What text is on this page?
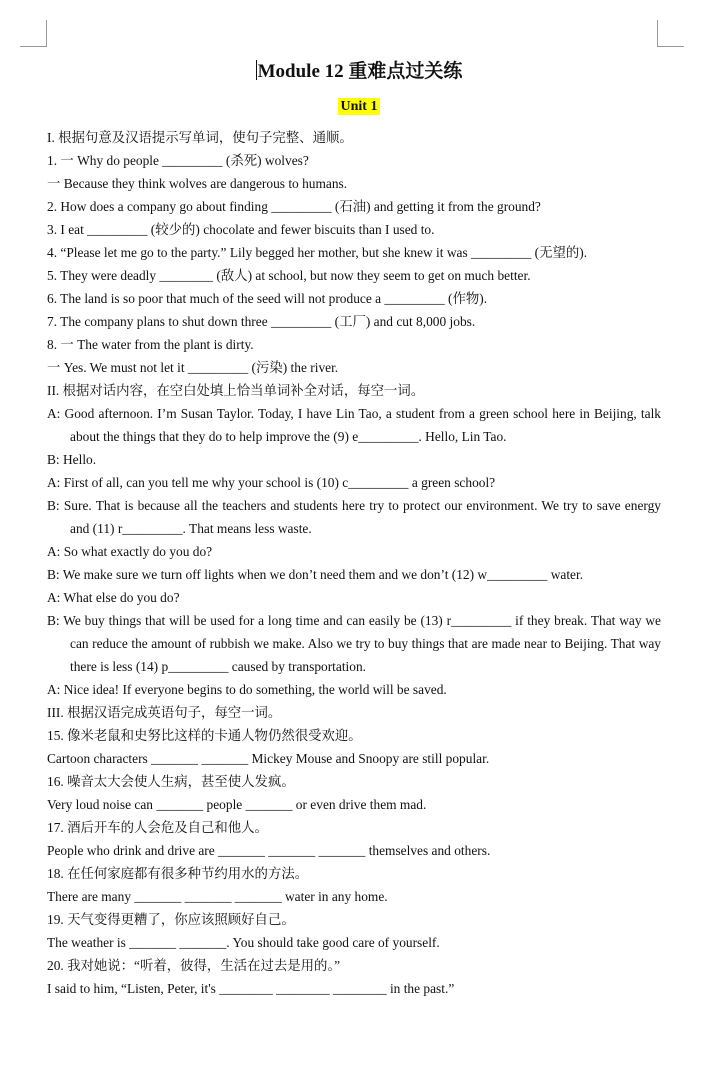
Module 12 重难点过关练
Unit 1
I. 根据句意及汉语提示写单词，使句子完整、通顺。
1. 一 Why do people _________ (杀死) wolves?
一 Because they think wolves are dangerous to humans.
2. How does a company go about finding _________ (石油) and getting it from the ground?
3. I eat _________ (较少的) chocolate and fewer biscuits than I used to.
4. “Please let me go to the party.” Lily begged her mother, but she knew it was _________ (无望的).
5. They were deadly ________ (敌人) at school, but now they seem to get on much better.
6. The land is so poor that much of the seed will not produce a _________ (作物).
7. The company plans to shut down three _________ (工厂) and cut 8,000 jobs.
8. 一 The water from the plant is dirty.
一 Yes. We must not let it _________ (污染) the river.
II. 根据对话内容，在空白处填上恰当单词补全对话，每空一词。
A: Good afternoon. I’m Susan Taylor. Today, I have Lin Tao, a student from a green school here in Beijing, talk about the things that they do to help improve the (9) e_________. Hello, Lin Tao.
B: Hello.
A: First of all, can you tell me why your school is (10) c_________ a green school?
B: Sure. That is because all the teachers and students here try to protect our environment. We try to save energy and (11) r_________. That means less waste.
A: So what exactly do you do?
B: We make sure we turn off lights when we don’t need them and we don’t (12) w_________ water.
A: What else do you do?
B: We buy things that will be used for a long time and can easily be (13) r_________ if they break. That way we can reduce the amount of rubbish we make. Also we try to buy things that are made near to Beijing. That way there is less (14) p_________ caused by transportation.
A: Nice idea! If everyone begins to do something, the world will be saved.
III. 根据汉语完成英语句子，每空一词。
15. 像米老鼠和史努比这样的卡通人物仍然很受欢迎。
Cartoon characters _______ _______ Mickey Mouse and Snoopy are still popular.
16. 噪音太大会使人生病，甚至使人发疯。
Very loud noise can _______ people _______ or even drive them mad.
17. 酒后开车的人会危及自己和他人。
People who drink and drive are _______ _______ _______ themselves and others.
18. 在任何家庭都有很多种节约用水的方法。
There are many _______ _______ _______ water in any home.
19. 天气变得更糟了，你应该照顾好自己。
The weather is _______ _______. You should take good care of yourself.
20. 我对她说：“听着，彼得，生活在过去是用的。”
I said to him, “Listen, Peter, it's ________ ________ ________ in the past.”
